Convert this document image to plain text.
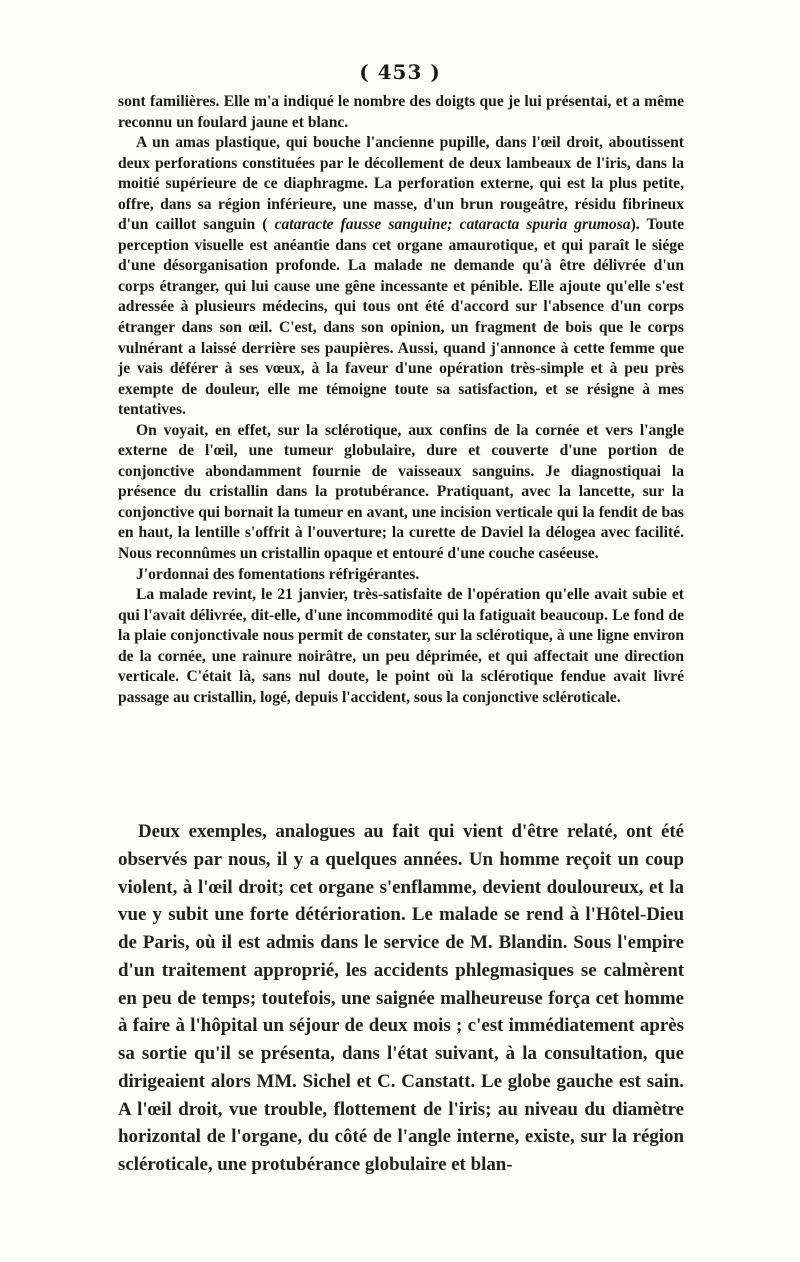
( 453 )

sont familières. Elle m'a indiqué le nombre des doigts que je lui présentai, et a même reconnu un foulard jaune et blanc.

A un amas plastique, qui bouche l'ancienne pupille, dans l'œil droit, aboutissent deux perforations constituées par le décollement de deux lambeaux de l'iris, dans la moitié supérieure de ce diaphragme. La perforation externe, qui est la plus petite, offre, dans sa région inférieure, une masse, d'un brun rougeâtre, résidu fibrineux d'un caillot sanguin ( cataracte fausse sanguine; cataracta spuria grumosa). Toute perception visuelle est anéantie dans cet organe amaurotique, et qui paraît le siége d'une désorganisation profonde. La malade ne demande qu'à être délivrée d'un corps étranger, qui lui cause une gêne incessante et pénible. Elle ajoute qu'elle s'est adressée à plusieurs médecins, qui tous ont été d'accord sur l'absence d'un corps étranger dans son œil. C'est, dans son opinion, un fragment de bois que le corps vulnérant a laissé derrière ses paupières. Aussi, quand j'annonce à cette femme que je vais déférer à ses vœux, à la faveur d'une opération très-simple et à peu près exempte de douleur, elle me témoigne toute sa satisfaction, et se résigne à mes tentatives.

On voyait, en effet, sur la sclérotique, aux confins de la cornée et vers l'angle externe de l'œil, une tumeur globulaire, dure et couverte d'une portion de conjonctive abondamment fournie de vaisseaux sanguins. Je diagnostiquai la présence du cristallin dans la protubérance. Pratiquant, avec la lancette, sur la conjonctive qui bornait la tumeur en avant, une incision verticale qui la fendit de bas en haut, la lentille s'offrit à l'ouverture; la curette de Daviel la délogea avec facilité. Nous reconnûmes un cristallin opaque et entouré d'une couche caséeuse.

J'ordonnai des fomentations réfrigérantes.

La malade revint, le 21 janvier, très-satisfaite de l'opération qu'elle avait subie et qui l'avait délivrée, dit-elle, d'une incommodité qui la fatiguait beaucoup. Le fond de la plaie conjonctivale nous permit de constater, sur la sclérotique, à une ligne environ de la cornée, une rainure noirâtre, un peu déprimée, et qui affectait une direction verticale. C'était là, sans nul doute, le point où la sclérotique fendue avait livré passage au cristallin, logé, depuis l'accident, sous la conjonctive scléroticale.

Deux exemples, analogues au fait qui vient d'être relaté, ont été observés par nous, il y a quelques années. Un homme reçoit un coup violent, à l'œil droit; cet organe s'enflamme, devient douloureux, et la vue y subit une forte détérioration. Le malade se rend à l'Hôtel-Dieu de Paris, où il est admis dans le service de M. Blandin. Sous l'empire d'un traitement approprié, les accidents phlegmasiques se calmèrent en peu de temps; toutefois, une saignée malheureuse força cet homme à faire à l'hôpital un séjour de deux mois ; c'est immédiatement après sa sortie qu'il se présenta, dans l'état suivant, à la consultation, que dirigeaient alors MM. Sichel et C. Canstatt. Le globe gauche est sain. A l'œil droit, vue trouble, flottement de l'iris; au niveau du diamètre horizontal de l'organe, du côté de l'angle interne, existe, sur la région scléroticale, une protubérance globulaire et blan-
